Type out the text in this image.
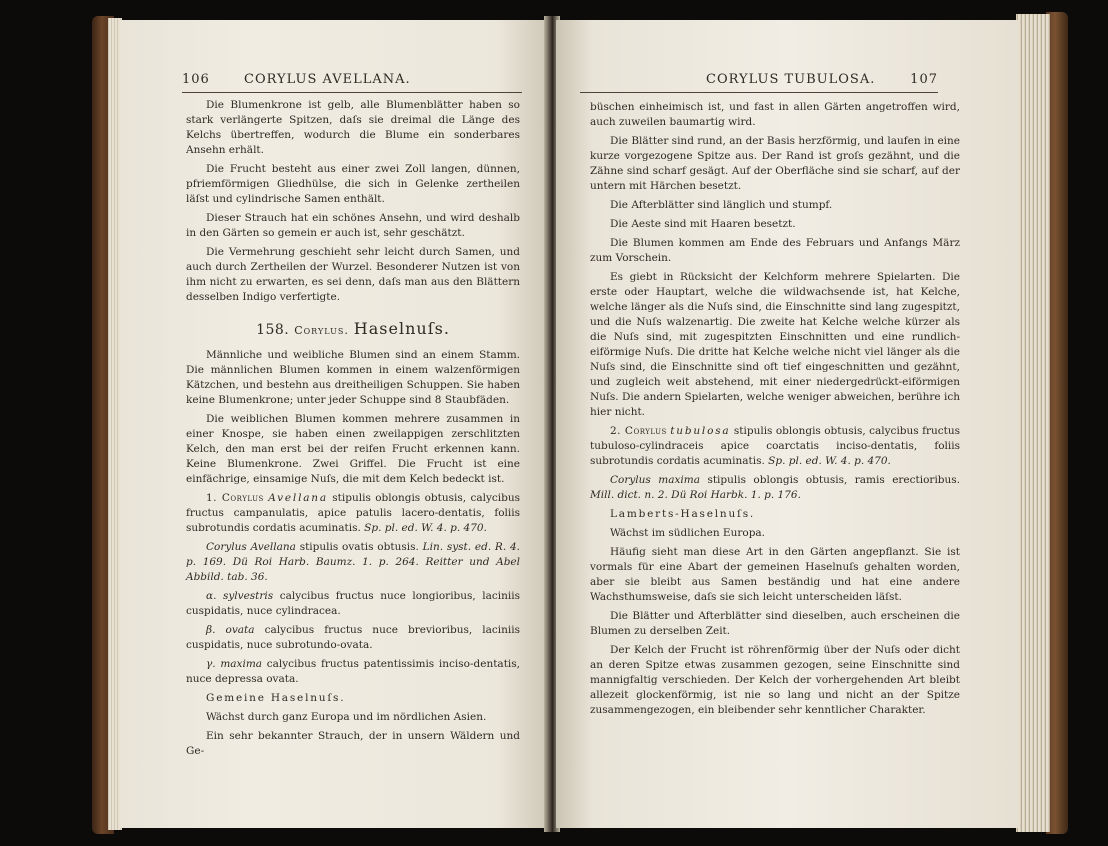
106	CORYLUS AVELLANA.

Die Blumenkrone ist gelb, alle Blumenblätter haben so stark verlängerte Spitzen, daſs sie dreimal die Länge des Kelchs übertreffen, wodurch die Blume ein sonderbares Ansehn erhält.

Die Frucht besteht aus einer zwei Zoll langen, dünnen, pfriemförmigen Gliedhülse, die sich in Gelenke zertheilen läſst und cylindrische Samen enthält.

Dieser Strauch hat ein schönes Ansehn, und wird deshalb in den Gärten so gemein er auch ist, sehr geschätzt.

Die Vermehrung geschieht sehr leicht durch Samen, und auch durch Zertheilen der Wurzel. Besonderer Nutzen ist von ihm nicht zu erwarten, es sei denn, daſs man aus den Blättern desselben Indigo verfertigte.

158. Corylus. Haselnuſs.

Männliche und weibliche Blumen sind an einem Stamm. Die männlichen Blumen kommen in einem walzenförmigen Kätzchen, und bestehn aus dreitheiligen Schuppen. Sie haben keine Blumenkrone; unter jeder Schuppe sind 8 Staubfäden.

Die weiblichen Blumen kommen mehrere zusammen in einer Knospe, sie haben einen zweilappigen zerschlitzten Kelch, den man erst bei der reifen Frucht erkennen kann. Keine Blumenkrone. Zwei Griffel. Die Frucht ist eine einfächrige, einsamige Nuſs, die mit dem Kelch bedeckt ist.

1. Corylus Avellana stipulis oblongis obtusis, calycibus fructus campanulatis, apice patulis lacero-dentatis, foliis subrotundis cordatis acuminatis. Sp. pl. ed. W. 4. p. 470.

Corylus Avellana stipulis ovatis obtusis. Lin. syst. ed. R. 4. p. 169. Dü Roi Harb. Baumz. 1. p. 264. Reitter und Abel Abbild. tab. 36.

α. sylvestris calycibus fructus nuce longioribus, laciniis cuspidatis, nuce cylindracea.

β. ovata calycibus fructus nuce brevioribus, laciniis cuspidatis, nuce subrotundo-ovata.

γ. maxima calycibus fructus patentissimis inciso-dentatis, nuce depressa ovata.

Gemeine Haselnuſs.

Wächst durch ganz Europa und im nördlichen Asien.

Ein sehr bekannter Strauch, der in unsern Wäldern und Ge-

CORYLUS TUBULOSA.	107

büschen einheimisch ist, und fast in allen Gärten angetroffen wird, auch zuweilen baumartig wird.

Die Blätter sind rund, an der Basis herzförmig, und laufen in eine kurze vorgezogene Spitze aus. Der Rand ist groſs gezähnt, und die Zähne sind scharf gesägt. Auf der Oberfläche sind sie scharf, auf der untern mit Härchen besetzt.

Die Afterblätter sind länglich und stumpf.

Die Aeste sind mit Haaren besetzt.

Die Blumen kommen am Ende des Februars und Anfangs März zum Vorschein.

Es giebt in Rücksicht der Kelchform mehrere Spielarten. Die erste oder Hauptart, welche die wildwachsende ist, hat Kelche, welche länger als die Nuſs sind, die Einschnitte sind lang zugespitzt, und die Nuſs walzenartig. Die zweite hat Kelche welche kürzer als die Nuſs sind, mit zugespitzten Einschnitten und eine rundlich-eiförmige Nuſs. Die dritte hat Kelche welche nicht viel länger als die Nuſs sind, die Einschnitte sind oft tief eingeschnitten und gezähnt, und zugleich weit abstehend, mit einer niedergedrückt-eiförmigen Nuſs. Die andern Spielarten, welche weniger abweichen, berühre ich hier nicht.

2. Corylus tubulosa stipulis oblongis obtusis, calycibus fructus tubuloso-cylindraceis apice coarctatis inciso-dentatis, foliis subrotundis cordatis acuminatis. Sp. pl. ed. W. 4. p. 470.

Corylus maxima stipulis oblongis obtusis, ramis erectioribus. Mill. dict. n. 2. Dü Roi Harbk. 1. p. 176.

Lamberts-Haselnuſs.

Wächst im südlichen Europa.

Häufig sieht man diese Art in den Gärten angepflanzt. Sie ist vormals für eine Abart der gemeinen Haselnuſs gehalten worden, aber sie bleibt aus Samen beständig und hat eine andere Wachsthumsweise, daſs sie sich leicht unterscheiden läſst.

Die Blätter und Afterblätter sind dieselben, auch erscheinen die Blumen zu derselben Zeit.

Der Kelch der Frucht ist röhrenförmig über der Nuſs oder dicht an deren Spitze etwas zusammen gezogen, seine Einschnitte sind mannigfaltig verschieden. Der Kelch der vorhergehenden Art bleibt allezeit glockenförmig, ist nie so lang und nicht an der Spitze zusammengezogen, ein bleibender sehr kenntlicher Charakter.
